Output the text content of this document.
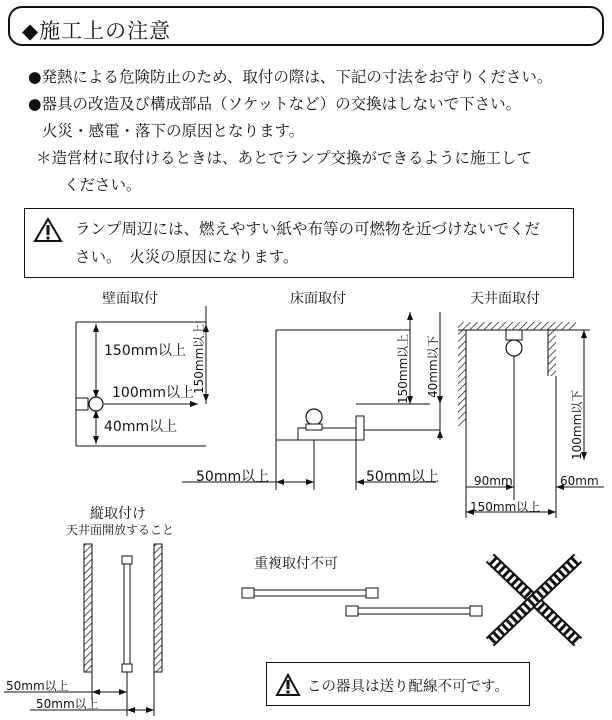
◆施工上の注意
●発熱による危険防止のため、取付の際は、下記の寸法をお守りください。
●器具の改造及び構成部品（ソケットなど）の交換はしないで下さい。
火災・感電・落下の原因となります。
＊造営材に取付けるときは、あとでランプ交換ができるように施工して
ください。
ランプ周辺には、燃えやすい紙や布等の可燃物を近づけないでくだ
さい。　火災の原因になります。
壁面取付	床面取付	天井面取付
縦取付け
天井面開放すること
重複取付不可
150mm以上 150mm以上
100mm以上
40mm以上
150mm以上 40mm以下
50mm以上	50mm以上
100mm以下
90mm	60mm
150mm以上
50mm以上
50mm以上
この器具は送り配線不可です。
